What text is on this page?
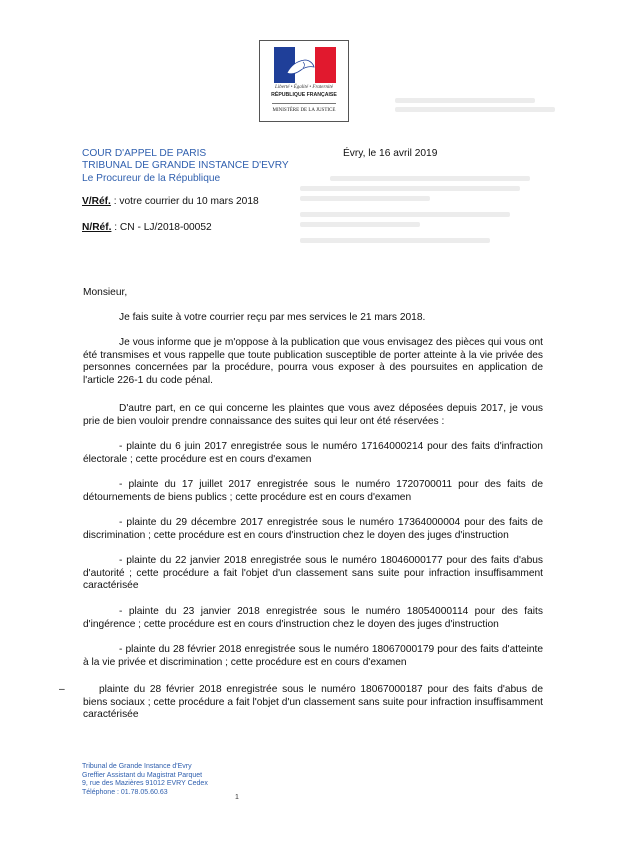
Liberté • Égalité • Fraternité
RÉPUBLIQUE FRANÇAISE
MINISTÈRE DE LA JUSTICE
COUR D'APPEL DE PARIS
TRIBUNAL DE GRANDE INSTANCE D'EVRY
Le Procureur de la République
Évry, le 16 avril 2019
V/Réf. : votre courrier du 10 mars 2018
N/Réf. : CN - LJ/2018-00052
Monsieur,
Je fais suite à votre courrier reçu par mes services le 21 mars 2018.
Je vous informe que je m'oppose à la publication que vous envisagez des pièces qui vous ont été transmises et vous rappelle que toute publication susceptible de porter atteinte à la vie privée des personnes concernées par la procédure, pourra vous exposer à des poursuites en application de l'article 226-1 du code pénal.
D'autre part, en ce qui concerne les plaintes que vous avez déposées depuis 2017, je vous prie de bien vouloir prendre connaissance des suites qui leur ont été réservées :
- plainte du 6 juin 2017 enregistrée sous le numéro 17164000214 pour des faits d'infraction électorale ; cette procédure est en cours d'examen
- plainte du 17 juillet 2017 enregistrée sous le numéro 1720700011 pour des faits de détournements de biens publics ; cette procédure est en cours d'examen
- plainte du 29 décembre 2017 enregistrée sous le numéro 17364000004 pour des faits de discrimination ; cette procédure est en cours d'instruction chez le doyen des juges d'instruction
- plainte du 22 janvier 2018 enregistrée sous le numéro 18046000177 pour des faits d'abus d'autorité ; cette procédure a fait l'objet d'un classement sans suite pour infraction insuffisamment caractérisée
- plainte du 23 janvier 2018 enregistrée sous le numéro 18054000114 pour des faits d'ingérence ; cette procédure est en cours d'instruction chez le doyen des juges d'instruction
- plainte du 28 février 2018 enregistrée sous le numéro 18067000179 pour des faits d'atteinte à la vie privée et discrimination ; cette procédure est en cours d'examen
–	plainte du 28 février 2018 enregistrée sous le numéro 18067000187 pour des faits d'abus de biens sociaux ; cette procédure a fait l'objet d'un classement sans suite pour infraction insuffisamment caractérisée
Tribunal de Grande Instance d'Evry
Greffier Assistant du Magistrat Parquet
9, rue des Mazières 91012 EVRY Cedex
Téléphone : 01.78.05.60.63
1
